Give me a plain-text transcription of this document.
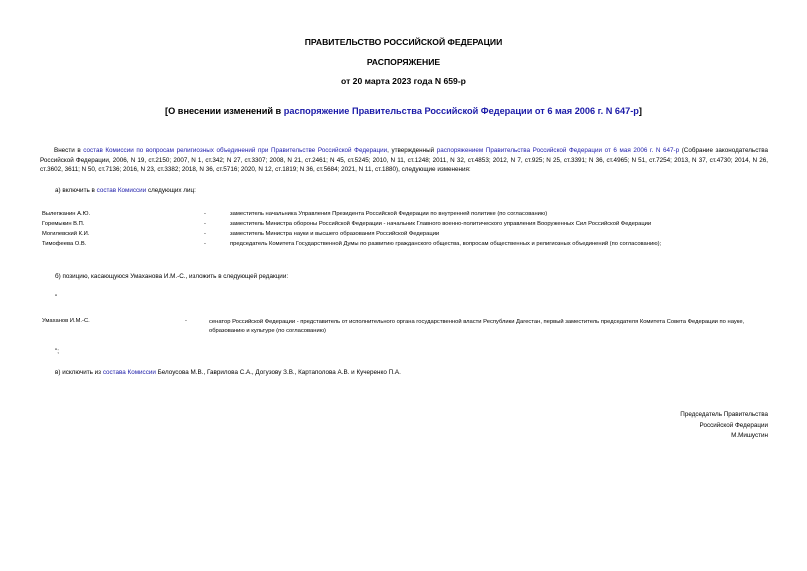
ПРАВИТЕЛЬСТВО РОССИЙСКОЙ ФЕДЕРАЦИИ
РАСПОРЯЖЕНИЕ
от 20 марта 2023 года N 659-р
[О внесении изменений в распоряжение Правительства Российской Федерации от 6 мая 2006 г. N 647-р]
Внести в состав Комиссии по вопросам религиозных объединений при Правительстве Российской Федерации, утвержденный распоряжением Правительства Российской Федерации от 6 мая 2006 г. N 647-р (Собрание законодательства Российской Федерации, 2006, N 19, ст.2150; 2007, N 1, ст.342; N 27, ст.3307; 2008, N 21, ст.2461; N 45, ст.5245; 2010, N 11, ст.1248; 2011, N 32, ст.4853; 2012, N 7, ст.925; N 25, ст.3391; N 36, ст.4965; N 51, ст.7254; 2013, N 37, ст.4730; 2014, N 26, ст.3602, 3611; N 50, ст.7136; 2016, N 23, ст.3382; 2018, N 36, ст.5716; 2020, N 12, ст.1819; N 36, ст.5684; 2021, N 11, ст.1880), следующие изменения:
а) включить в состав Комиссии следующих лиц:
Вылегжанин А.Ю.	-	заместитель начальника Управления Президента Российской Федерации по внутренней политике (по согласованию)
Горемыкин В.П.	-	заместитель Министра обороны Российской Федерации - начальник Главного военно-политического управления Вооруженных Сил Российской Федерации
Могилевский К.И.	-	заместитель Министра науки и высшего образования Российской Федерации
Тимофеева О.В.	-	председатель Комитета Государственной Думы по развитию гражданского общества, вопросам общественных и религиозных объединений (по согласованию);
б) позицию, касающуюся Умаханова И.М.-С., изложить в следующей редакции:
"
Умаханов И.М.-С.	-	сенатор Российской Федерации - представитель от исполнительного органа государственной власти Республики Дагестан, первый заместитель председателя Комитета Совета Федерации по науке, образованию и культуре (по согласованию)
";
в) исключить из состава Комиссии Белоусова М.В., Гаврилова С.А., Догузову З.В., Картаполова А.В. и Кучеренко П.А.
Председатель Правительства
Российской Федерации
М.Мишустин
